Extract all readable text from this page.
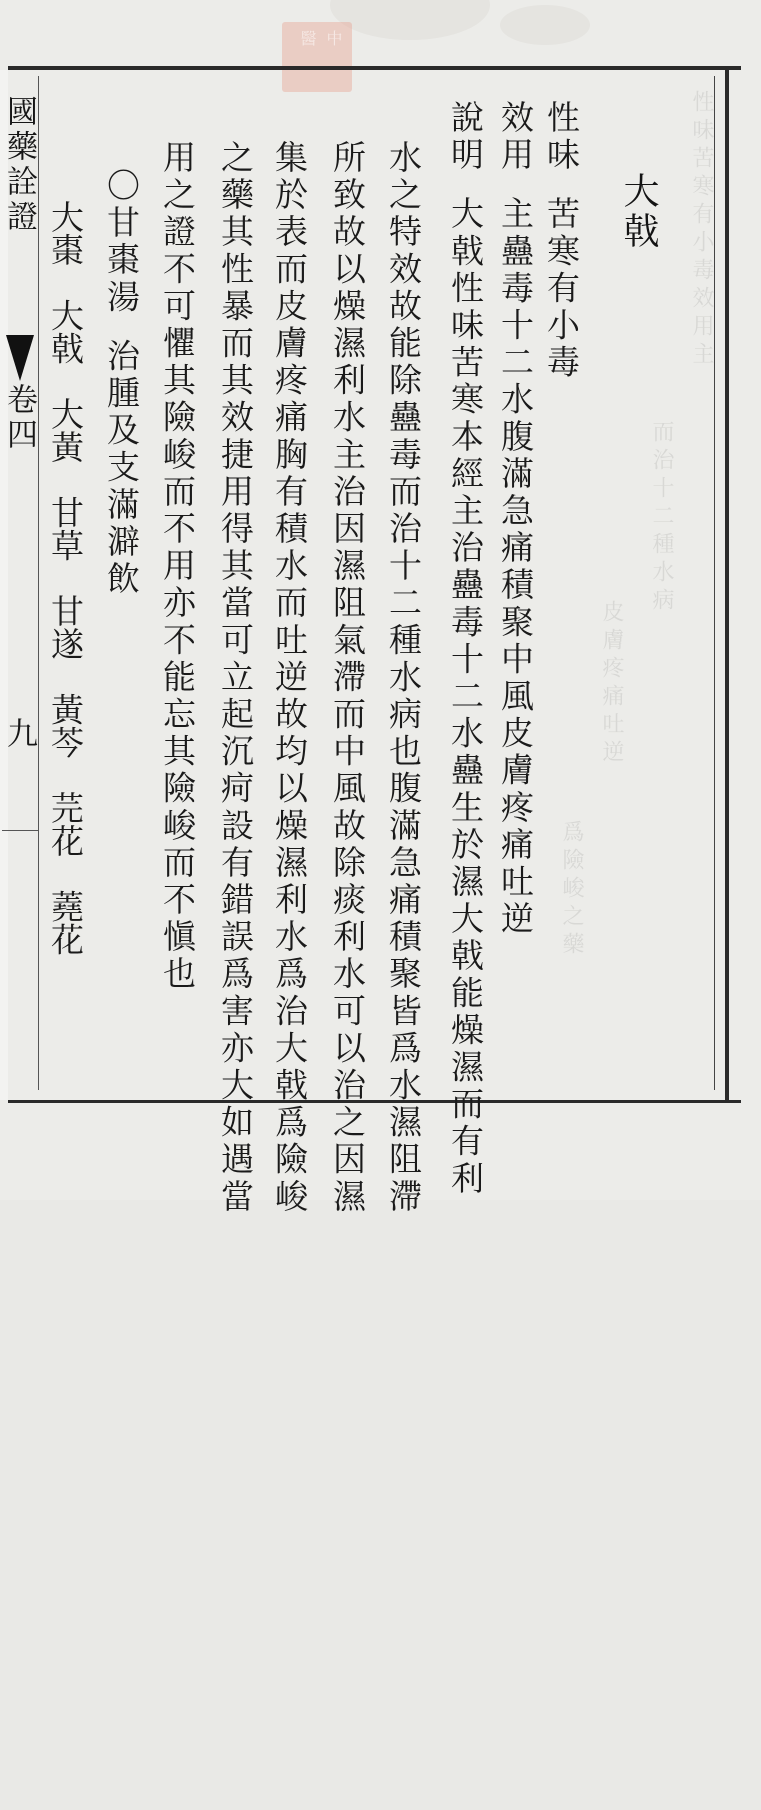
性味苦寒有小毒效用主
而治十二種水病
皮膚疼痛吐逆
爲險峻之藥
中
醫
國藥詮證
卷四
九
大戟
性味苦寒有小毒
效用主蠱毒十二水腹滿急痛積聚中風皮膚疼痛吐逆
說明大戟性味苦寒本經主治蠱毒十二水蠱生於濕大戟能燥濕而有利
水之特效故能除蠱毒而治十二種水病也腹滿急痛積聚皆爲水濕阻滯
所致故以燥濕利水主治因濕阻氣滯而中風故除痰利水可以治之因濕
集於表而皮膚疼痛胸有積水而吐逆故均以燥濕利水爲治大戟爲險峻
之藥其性暴而其效捷用得其當可立起沉疴設有錯誤爲害亦大如遇當
用之證不可懼其險峻而不用亦不能忘其險峻而不愼也
〇甘棗湯治腫及支滿澼飲
大棗 大戟 大黃 甘草 甘遂 黃芩 芫花 蕘花
